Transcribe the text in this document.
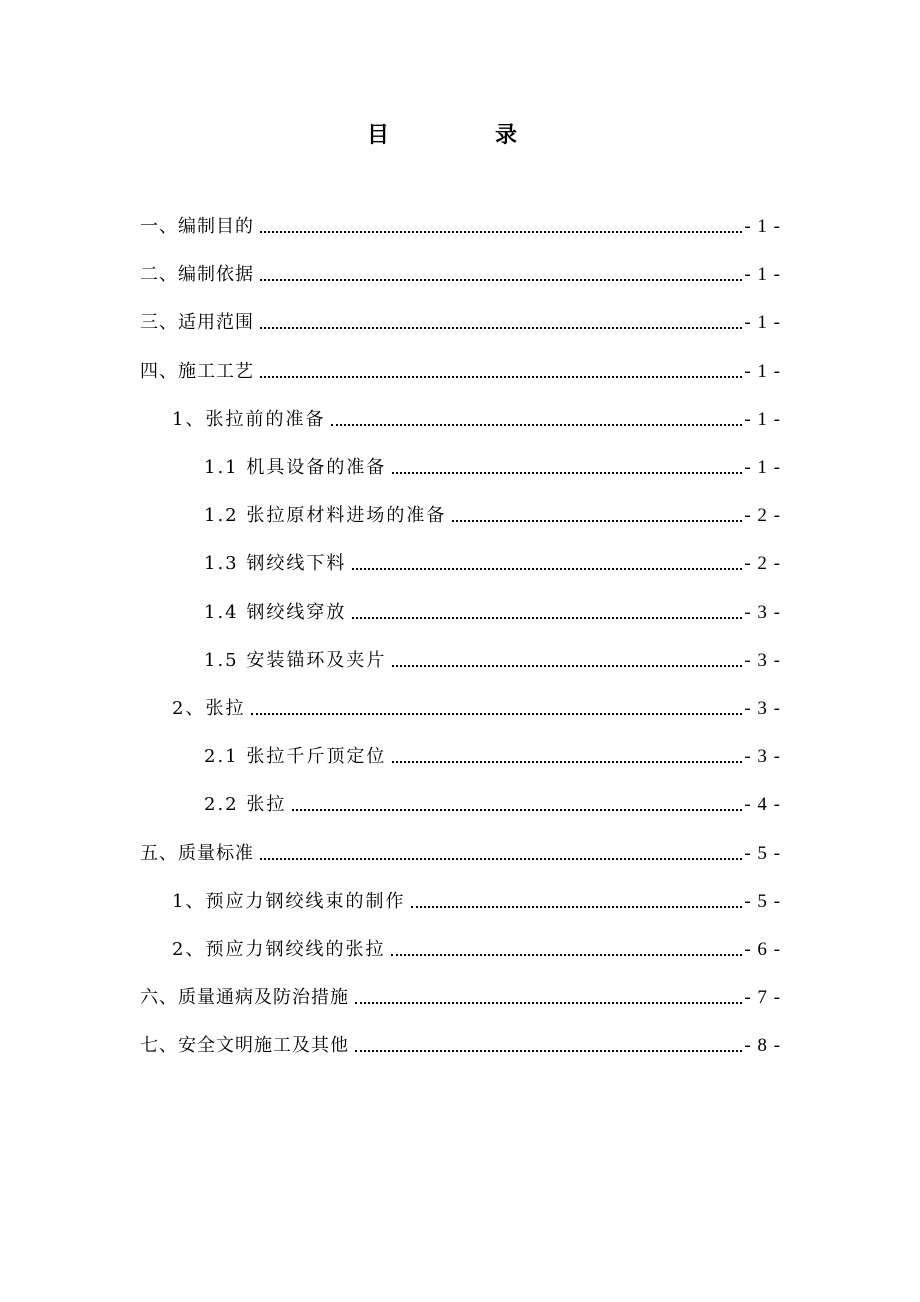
目　录
一、编制目的	- 1 -
二、编制依据	- 1 -
三、适用范围	- 1 -
四、施工工艺	- 1 -
1、张拉前的准备	- 1 -
1.1 机具设备的准备	- 1 -
1.2 张拉原材料进场的准备	- 2 -
1.3 钢绞线下料	- 2 -
1.4 钢绞线穿放	- 3 -
1.5 安装锚环及夹片	- 3 -
2、张拉	- 3 -
2.1 张拉千斤顶定位	- 3 -
2.2 张拉	- 4 -
五、质量标准	- 5 -
1、预应力钢绞线束的制作	- 5 -
2、预应力钢绞线的张拉	- 6 -
六、质量通病及防治措施	- 7 -
七、安全文明施工及其他	- 8 -
